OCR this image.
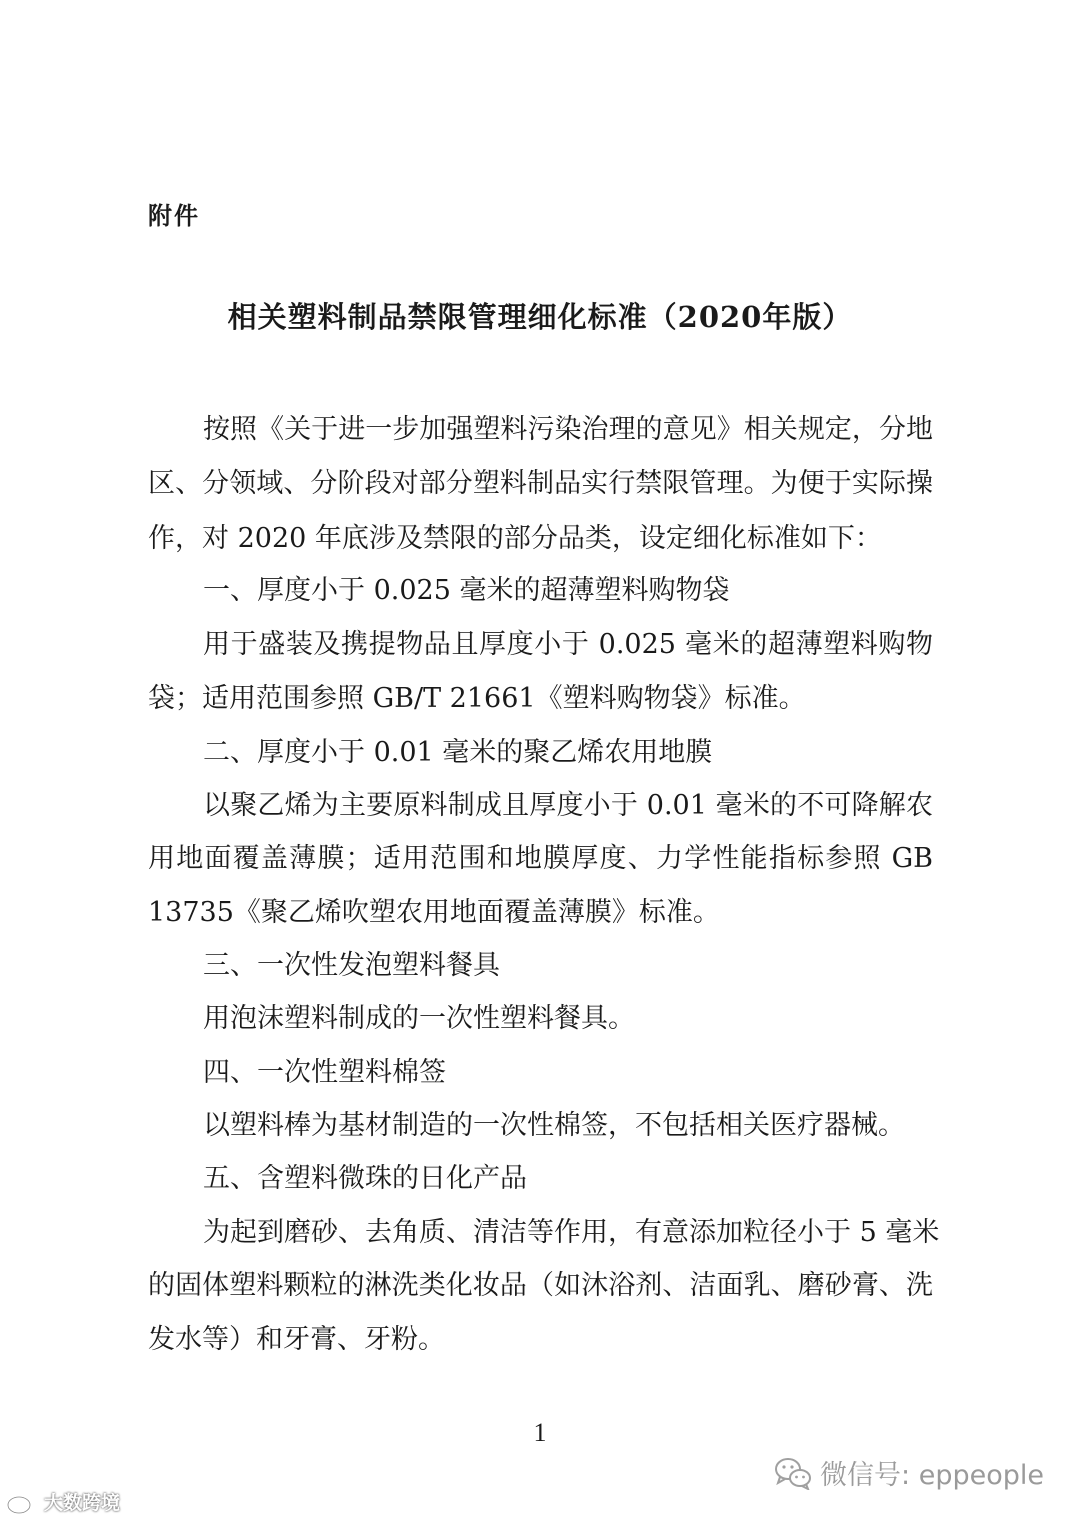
附件
相关塑料制品禁限管理细化标准（2020年版）
按照《关于进一步加强塑料污染治理的意见》相关规定，分地
区、分领域、分阶段对部分塑料制品实行禁限管理。为便于实际操
作，对 2020 年底涉及禁限的部分品类，设定细化标准如下：
一、厚度小于 0.025 毫米的超薄塑料购物袋
用于盛装及携提物品且厚度小于 0.025 毫米的超薄塑料购物
袋；适用范围参照 GB/T 21661《塑料购物袋》标准。
二、厚度小于 0.01 毫米的聚乙烯农用地膜
以聚乙烯为主要原料制成且厚度小于 0.01 毫米的不可降解农
用地面覆盖薄膜；适用范围和地膜厚度、力学性能指标参照 GB
13735《聚乙烯吹塑农用地面覆盖薄膜》标准。
三、一次性发泡塑料餐具
用泡沫塑料制成的一次性塑料餐具。
四、一次性塑料棉签
以塑料棒为基材制造的一次性棉签，不包括相关医疗器械。
五、含塑料微珠的日化产品
为起到磨砂、去角质、清洁等作用，有意添加粒径小于 5 毫米
的固体塑料颗粒的淋洗类化妆品（如沐浴剂、洁面乳、磨砂膏、洗
发水等）和牙膏、牙粉。
1
大数跨境
微信号: eppeople
